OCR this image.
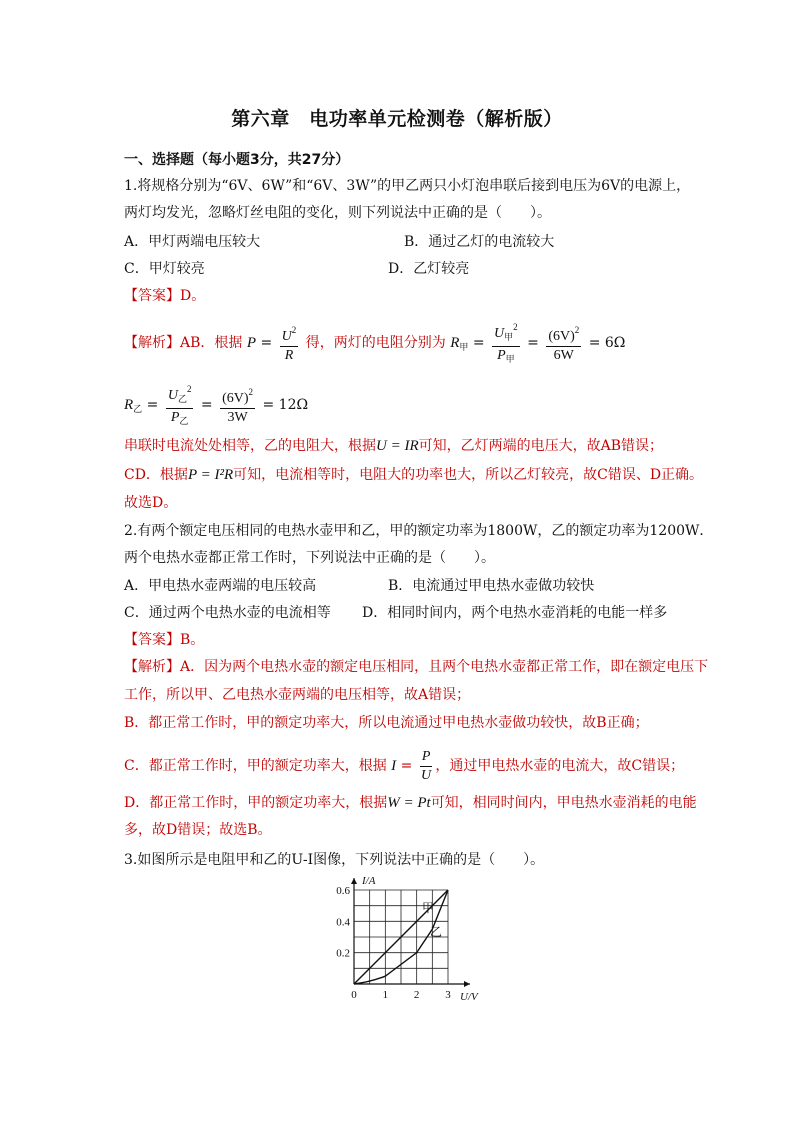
第六章　电功率单元检测卷（解析版）
一、选择题（每小题3分，共27分）
1.将规格分别为“6V、6W”和“6V、3W”的甲乙两只小灯泡串联后接到电压为6V的电源上，
两灯均发光，忽略灯丝电阻的变化，则下列说法中正确的是（　　）。
A．甲灯两端电压较大	B．通过乙灯的电流较大
C．甲灯较亮	D．乙灯较亮
【答案】D。
【解析】AB．根据 $P = \frac{U^2}{R}$ 得，两灯的电阻分别为 $R_甲 = \frac{U_甲^2}{P_甲} = \frac{(6V)^2}{6W} = 6\Omega$
$R_乙 = \frac{U_乙^2}{P_乙} = \frac{(6V)^2}{3W} = 12\Omega$
串联时电流处处相等，乙的电阻大，根据U = IR可知，乙灯两端的电压大，故AB错误；
CD．根据P = I²R可知，电流相等时，电阻大的功率也大，所以乙灯较亮，故C错误、D正确。
故选D。
2.有两个额定电压相同的电热水壶甲和乙，甲的额定功率为1800W，乙的额定功率为1200W．
两个电热水壶都正常工作时，下列说法中正确的是（　　）。
A．甲电热水壶两端的电压较高	B．电流通过甲电热水壶做功较快
C．通过两个电热水壶的电流相等 D．相同时间内，两个电热水壶消耗的电能一样多
【答案】B。
【解析】A．因为两个电热水壶的额定电压相同，且两个电热水壶都正常工作，即在额定电压下
工作，所以甲、乙电热水壶两端的电压相等，故A错误；
B．都正常工作时，甲的额定功率大，所以电流通过甲电热水壶做功较快，故B正确；
C．都正常工作时，甲的额定功率大，根据 $I = \frac{P}{U}$ ，通过甲电热水壶的电流大，故C错误；
D．都正常工作时，甲的额定功率大，根据W = Pt可知，相同时间内，甲电热水壶消耗的电能
多，故D错误；故选B。
3.如图所示是电阻甲和乙的U-I图像，下列说法中正确的是（　　）。
0 1 2 3
0.2
0.4
0.6
U/V
I/A
甲
乙
